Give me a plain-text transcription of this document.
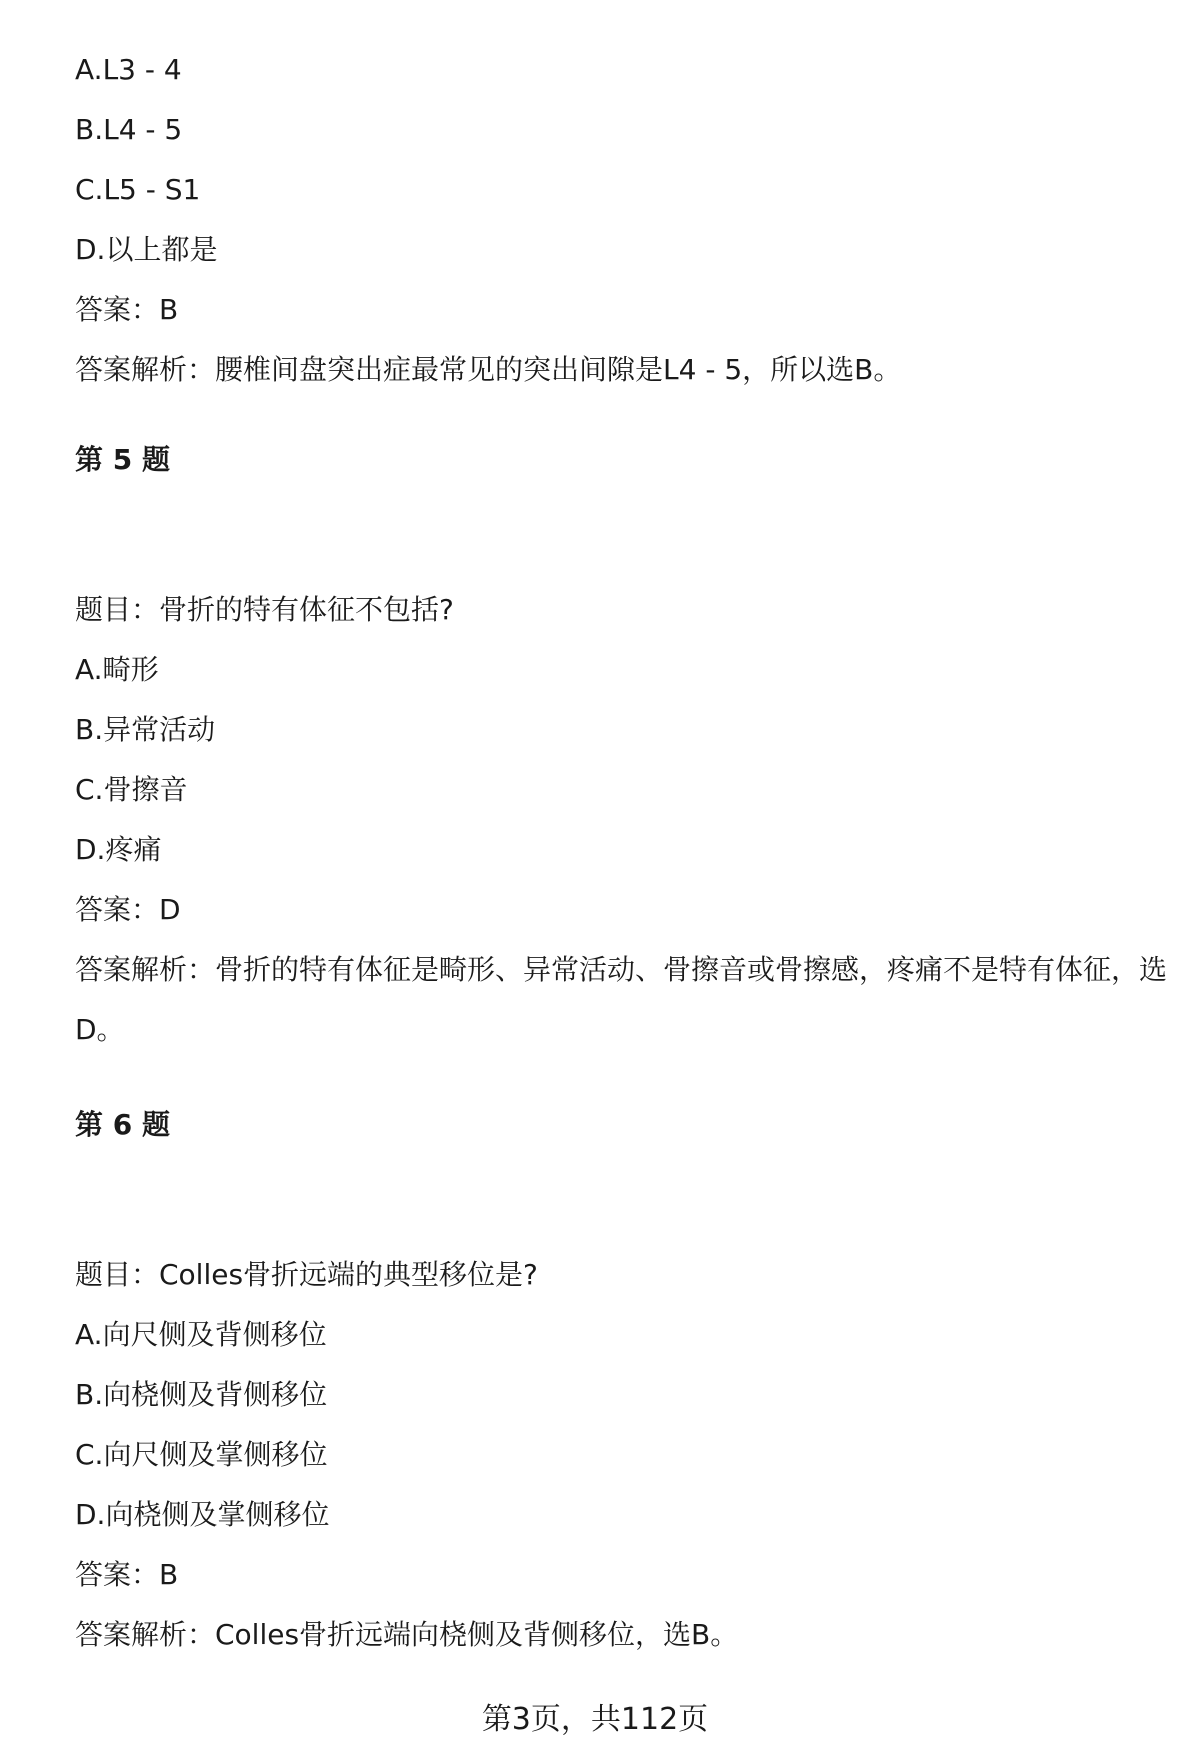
A.L3 - 4
B.L4 - 5
C.L5 - S1
D.以上都是
答案：B
答案解析：腰椎间盘突出症最常见的突出间隙是L4 - 5，所以选B。
第 5 题
题目：骨折的特有体征不包括?
A.畸形
B.异常活动
C.骨擦音
D.疼痛
答案：D
答案解析：骨折的特有体征是畸形、异常活动、骨擦音或骨擦感，疼痛不是特有体征，选D。
第 6 题
题目：Colles骨折远端的典型移位是?
A.向尺侧及背侧移位
B.向桡侧及背侧移位
C.向尺侧及掌侧移位
D.向桡侧及掌侧移位
答案：B
答案解析：Colles骨折远端向桡侧及背侧移位，选B。
第3页，共112页
